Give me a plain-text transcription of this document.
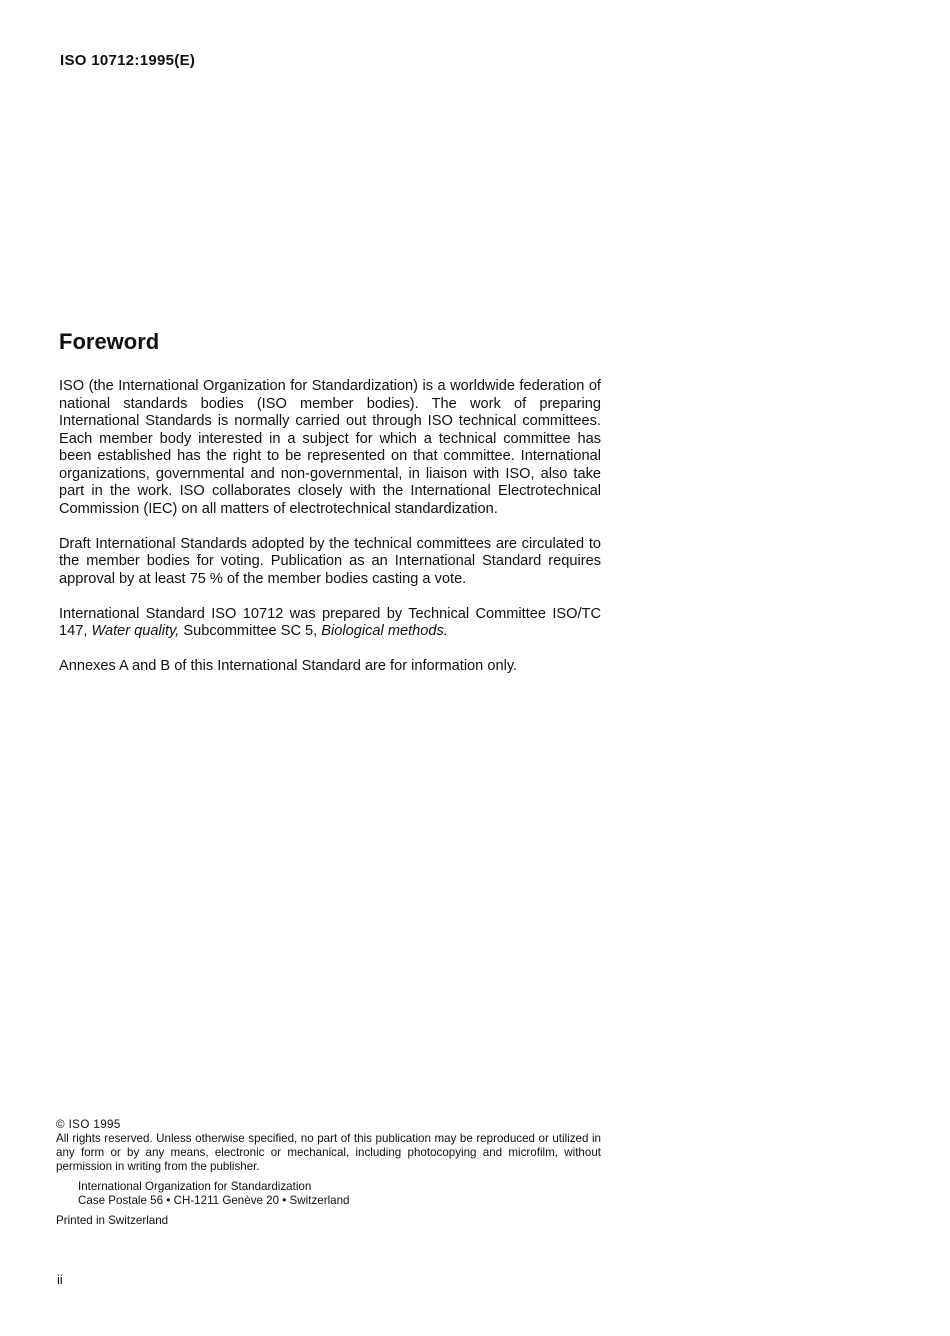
ISO 10712:1995(E)
Foreword

ISO (the International Organization for Standardization) is a worldwide federation of national standards bodies (ISO member bodies). The work of preparing International Standards is normally carried out through ISO technical committees. Each member body interested in a subject for which a technical committee has been established has the right to be represented on that committee. International organizations, governmental and non-governmental, in liaison with ISO, also take part in the work. ISO collaborates closely with the International Electrotechnical Commission (IEC) on all matters of electrotechnical standardization.

Draft International Standards adopted by the technical committees are circulated to the member bodies for voting. Publication as an International Standard requires approval by at least 75 % of the member bodies casting a vote.

International Standard ISO 10712 was prepared by Technical Committee ISO/TC 147, Water quality, Subcommittee SC 5, Biological methods.

Annexes A and B of this International Standard are for information only.

© ISO 1995
All rights reserved. Unless otherwise specified, no part of this publication may be reproduced or utilized in any form or by any means, electronic or mechanical, including photocopying and microfilm, without permission in writing from the publisher.
International Organization for Standardization
Case Postale 56 • CH-1211 Genève 20 • Switzerland
Printed in Switzerland
ii
